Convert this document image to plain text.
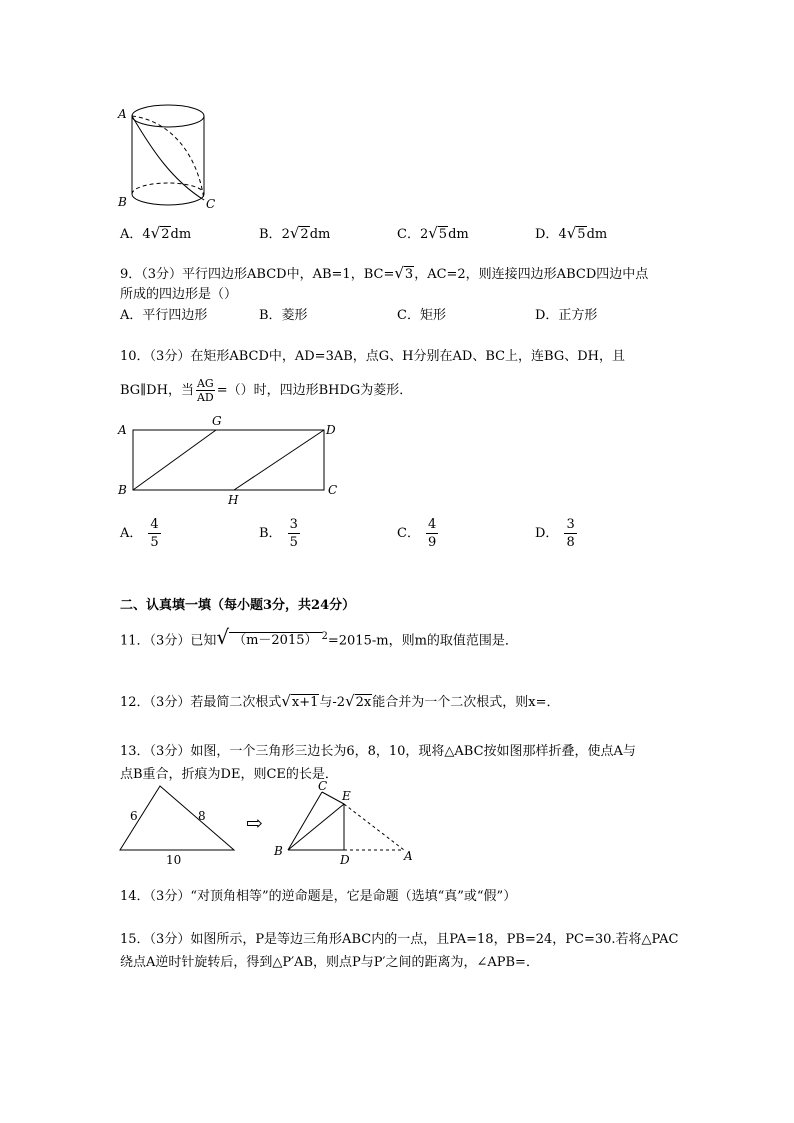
A
B	C
A．4√2dm	B．2√2dm	C．2√5dm	D．4√5dm
9．（3分）平行四边形ABCD中，AB=1，BC=√3，AC=2，则连接四边形ABCD四边中点
所成的四边形是（）
A．平行四边形	B．菱形	C．矩形	D．正方形
10．（3分）在矩形ABCD中，AD=3AB，点G、H分别在AD、BC上，连BG、DH，且
BG∥DH，当 $\frac{AG}{AD}$ =（）时，四边形BHDG为菱形．
A
G
D
B
H
C
A． $\frac{4}{5}$	B． $\frac{3}{5}$	C． $\frac{4}{9}$	D． $\frac{3}{8}$
二、认真填一填（每小题3分，共24分）
11．（3分）已知√ （m－2015） $^2$=2015-m，则m的取值范围是．
12．（3分）若最简二次根式√x+1与-2√2x能合并为一个二次根式，则x=．
13．（3分）如图，一个三角形三边长为6，8，10，现将△ABC按如图那样折叠，使点A与
点B重合，折痕为DE，则CE的长是．
6	8
10
⇨
C
E
B
D	A
14．（3分）“对顶角相等”的逆命题是，它是命题（选填“真”或“假”）
15．（3分）如图所示，P是等边三角形ABC内的一点，且PA=18，PB=24，PC=30.若将△PAC
绕点A逆时针旋转后，得到△P′AB，则点P与P′之间的距离为，∠APB=．
